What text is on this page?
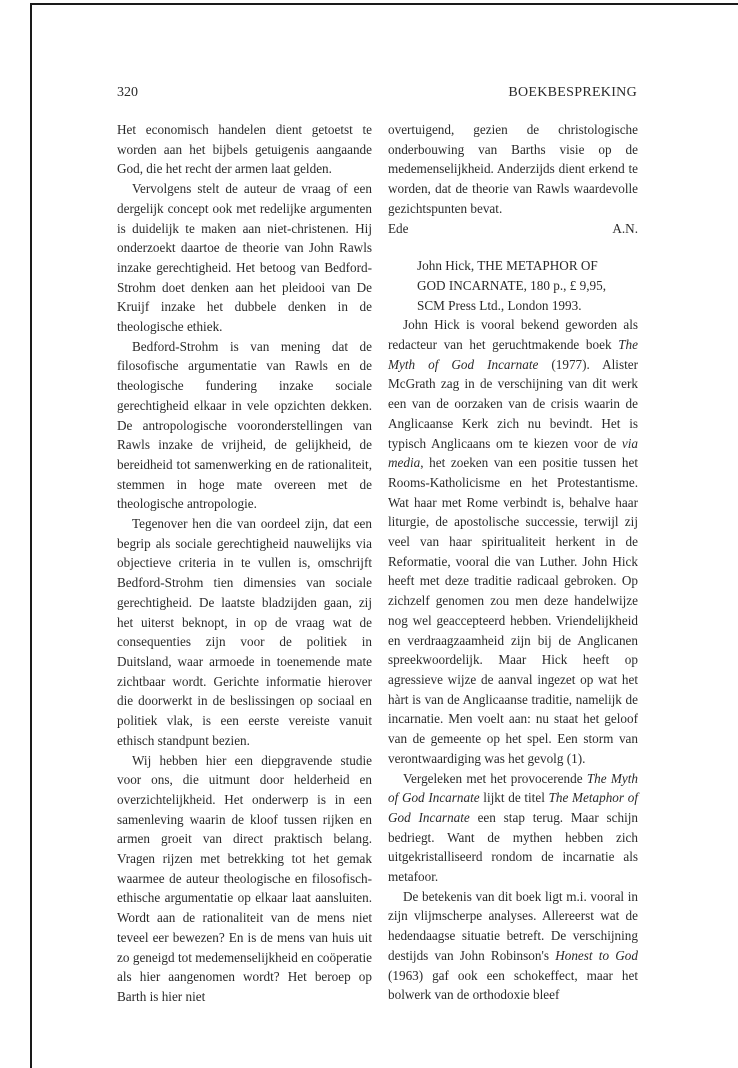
320	BOEKBESPREKING

Het economisch handelen dient getoetst te worden aan het bijbels getuigenis aangaande God, die het recht der armen laat gelden.

Vervolgens stelt de auteur de vraag of een dergelijk concept ook met redelijke argumenten is duidelijk te maken aan niet-christenen. Hij onderzoekt daartoe de theorie van John Rawls inzake gerechtigheid. Het betoog van Bedford-Strohm doet denken aan het pleidooi van De Kruijf inzake het dubbele denken in de theologische ethiek.

Bedford-Strohm is van mening dat de filosofische argumentatie van Rawls en de theologische fundering inzake sociale gerechtigheid elkaar in vele opzichten dekken. De antropologische vooronderstellingen van Rawls inzake de vrijheid, de gelijkheid, de bereidheid tot samenwerking en de rationaliteit, stemmen in hoge mate overeen met de theologische antropologie.

Tegenover hen die van oordeel zijn, dat een begrip als sociale gerechtigheid nauwelijks via objectieve criteria in te vullen is, omschrijft Bedford-Strohm tien dimensies van sociale gerechtigheid. De laatste bladzijden gaan, zij het uiterst beknopt, in op de vraag wat de consequenties zijn voor de politiek in Duitsland, waar armoede in toenemende mate zichtbaar wordt. Gerichte informatie hierover die doorwerkt in de beslissingen op sociaal en politiek vlak, is een eerste vereiste vanuit ethisch standpunt bezien.

Wij hebben hier een diepgravende studie voor ons, die uitmunt door helderheid en overzichtelijkheid. Het onderwerp is in een samenleving waarin de kloof tussen rijken en armen groeit van direct praktisch belang. Vragen rijzen met betrekking tot het gemak waarmee de auteur theologische en filosofisch-ethische argumentatie op elkaar laat aansluiten. Wordt aan de rationaliteit van de mens niet teveel eer bewezen? En is de mens van huis uit zo geneigd tot medemenselijkheid en coöperatie als hier aangenomen wordt? Het beroep op Barth is hier niet

overtuigend, gezien de christologische onderbouwing van Barths visie op de medemenselijkheid. Anderzijds dient erkend te worden, dat de theorie van Rawls waardevolle gezichtspunten bevat.

Ede	A.N.
John Hick, THE METAPHOR OF
GOD INCARNATE, 180 p., £ 9,95,
SCM Press Ltd., London 1993.

John Hick is vooral bekend geworden als redacteur van het geruchtmakende boek The Myth of God Incarnate (1977). Alister McGrath zag in de verschijning van dit werk een van de oorzaken van de crisis waarin de Anglicaanse Kerk zich nu bevindt. Het is typisch Anglicaans om te kiezen voor de via media, het zoeken van een positie tussen het Rooms-Katholicisme en het Protestantisme. Wat haar met Rome verbindt is, behalve haar liturgie, de apostolische successie, terwijl zij veel van haar spiritualiteit herkent in de Reformatie, vooral die van Luther. John Hick heeft met deze traditie radicaal gebroken. Op zichzelf genomen zou men deze handelwijze nog wel geaccepteerd hebben. Vriendelijkheid en verdraagzaamheid zijn bij de Anglicanen spreekwoordelijk. Maar Hick heeft op agressieve wijze de aanval ingezet op wat het hàrt is van de Anglicaanse traditie, namelijk de incarnatie. Men voelt aan: nu staat het geloof van de gemeente op het spel. Een storm van verontwaardiging was het gevolg (1).

Vergeleken met het provocerende The Myth of God Incarnate lijkt de titel The Metaphor of God Incarnate een stap terug. Maar schijn bedriegt. Want de mythen hebben zich uitgekristalliseerd rondom de incarnatie als metafoor.

De betekenis van dit boek ligt m.i. vooral in zijn vlijmscherpe analyses. Allereerst wat de hedendaagse situatie betreft. De verschijning destijds van John Robinson's Honest to God (1963) gaf ook een schokeffect, maar het bolwerk van de orthodoxie bleef
